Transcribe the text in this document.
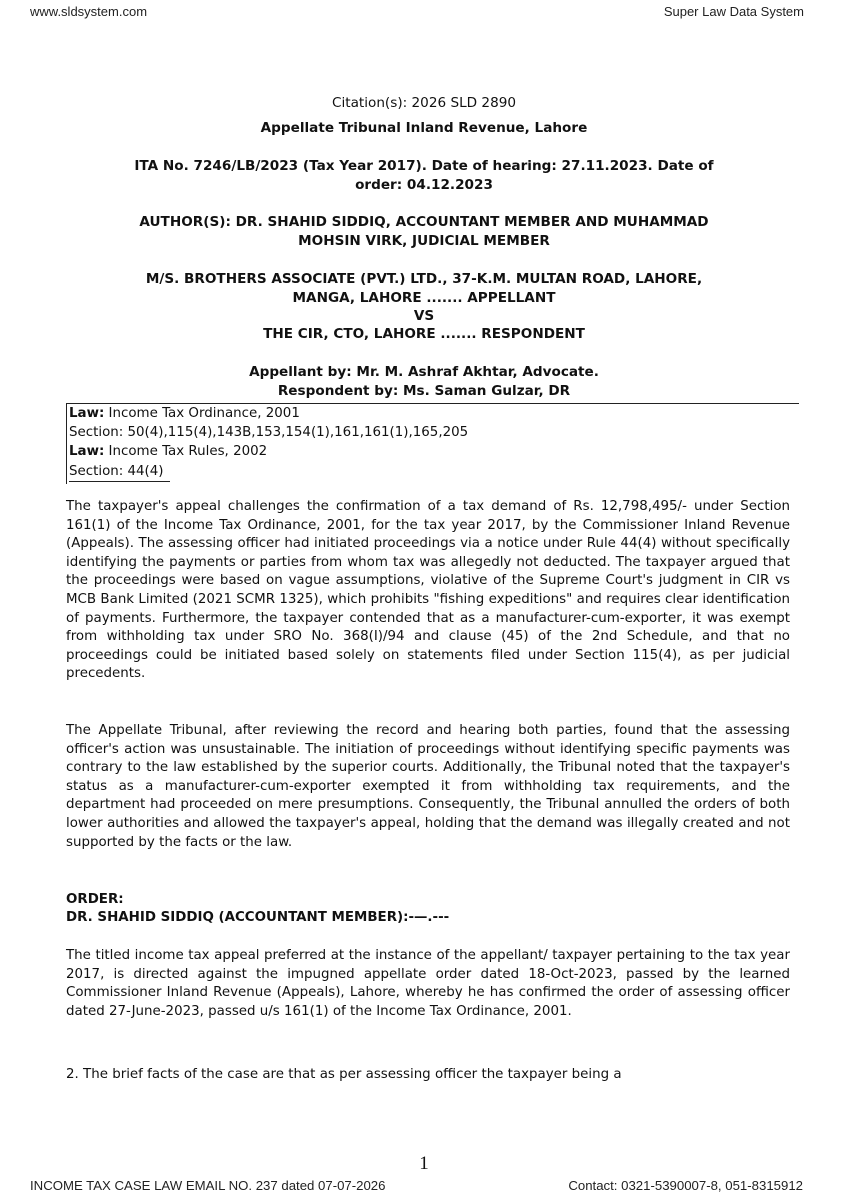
www.sldsystem.com	Super Law Data System
Citation(s): 2026 SLD 2890
Appellate Tribunal Inland Revenue, Lahore
ITA No. 7246/LB/2023 (Tax Year 2017). Date of hearing: 27.11.2023. Date of
order: 04.12.2023
AUTHOR(S): DR. SHAHID SIDDIQ, ACCOUNTANT MEMBER AND MUHAMMAD
MOHSIN VIRK, JUDICIAL MEMBER
M/S. BROTHERS ASSOCIATE (PVT.) LTD., 37-K.M. MULTAN ROAD, LAHORE,
MANGA, LAHORE ....... APPELLANT
VS
THE CIR, CTO, LAHORE ....... RESPONDENT
Appellant by: Mr. M. Ashraf Akhtar, Advocate.
Respondent by: Ms. Saman Gulzar, DR
Law: Income Tax Ordinance, 2001
Section: 50(4),115(4),143B,153,154(1),161,161(1),165,205
Law: Income Tax Rules, 2002
Section: 44(4)
The taxpayer's appeal challenges the confirmation of a tax demand of Rs. 12,798,495/- under Section 161(1) of the Income Tax Ordinance, 2001, for the tax year 2017, by the Commissioner Inland Revenue (Appeals). The assessing officer had initiated proceedings via a notice under Rule 44(4) without specifically identifying the payments or parties from whom tax was allegedly not deducted. The taxpayer argued that the proceedings were based on vague assumptions, violative of the Supreme Court's judgment in CIR vs MCB Bank Limited (2021 SCMR 1325), which prohibits "fishing expeditions" and requires clear identification of payments. Furthermore, the taxpayer contended that as a manufacturer-cum-exporter, it was exempt from withholding tax under SRO No. 368(I)/94 and clause (45) of the 2nd Schedule, and that no proceedings could be initiated based solely on statements filed under Section 115(4), as per judicial precedents.
The Appellate Tribunal, after reviewing the record and hearing both parties, found that the assessing officer's action was unsustainable. The initiation of proceedings without identifying specific payments was contrary to the law established by the superior courts. Additionally, the Tribunal noted that the taxpayer's status as a manufacturer-cum-exporter exempted it from withholding tax requirements, and the department had proceeded on mere presumptions. Consequently, the Tribunal annulled the orders of both lower authorities and allowed the taxpayer's appeal, holding that the demand was illegally created and not supported by the facts or the law.
ORDER:
DR. SHAHID SIDDIQ (ACCOUNTANT MEMBER):-—.---
The titled income tax appeal preferred at the instance of the appellant/ taxpayer pertaining to the tax year 2017, is directed against the impugned appellate order dated 18-Oct-2023, passed by the learned Commissioner Inland Revenue (Appeals), Lahore, whereby he has confirmed the order of assessing officer dated 27-June-2023, passed u/s 161(1) of the Income Tax Ordinance, 2001.
2. The brief facts of the case are that as per assessing officer the taxpayer being a
1
INCOME TAX CASE LAW EMAIL NO. 237 dated 07-07-2026	Contact: 0321-5390007-8, 051-8315912
